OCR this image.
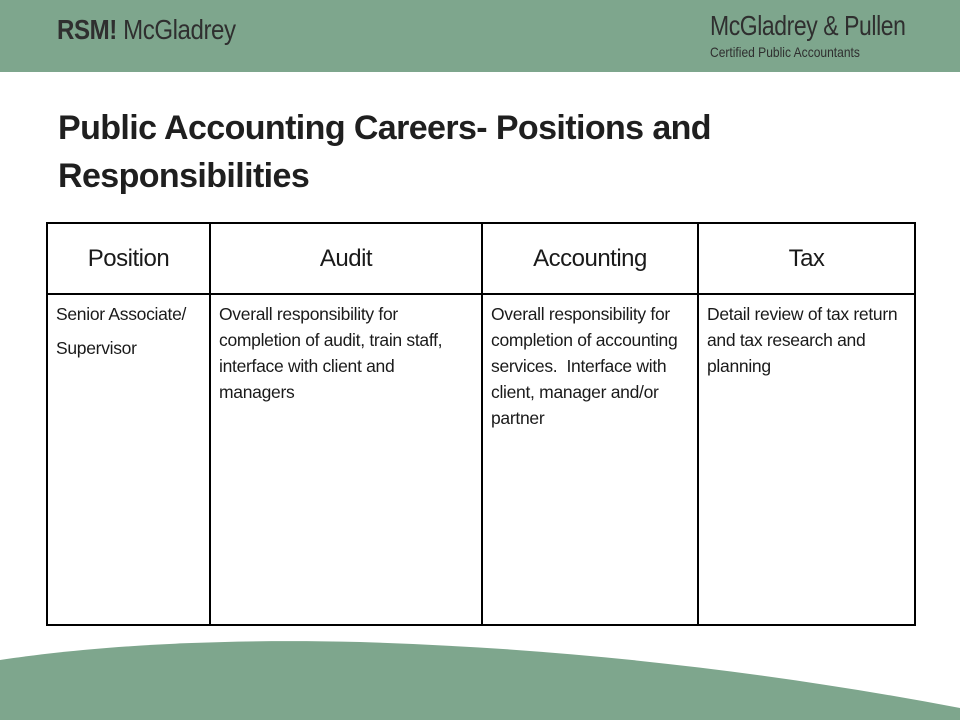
RSM! McGladrey	McGladrey & Pullen
Certified Public Accountants
Public Accounting Careers- Positions and Responsibilities
Position	Audit	Accounting	Tax

Senior Associate/
Supervisor	Overall responsibility for completion of audit, train staff, interface with client and managers	Overall responsibility for completion of accounting services.  Interface with client, manager and/or partner	Detail review of tax return and tax research and planning
